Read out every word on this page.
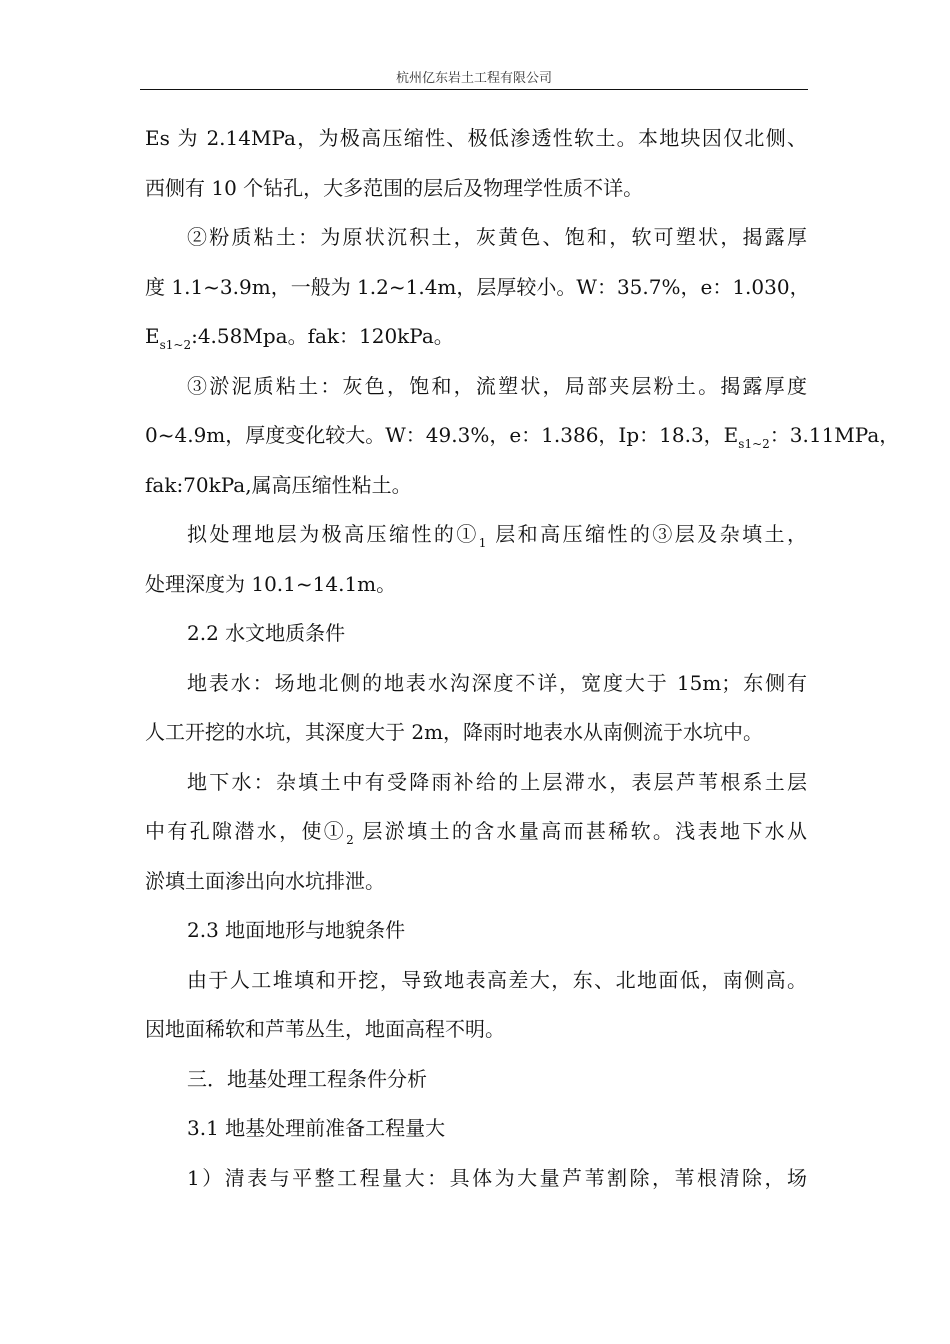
杭州亿东岩土工程有限公司
Es 为 2.14MPa，为极高压缩性、极低渗透性软土。本地块因仅北侧、
西侧有 10 个钻孔，大多范围的层后及物理学性质不详。
②粉质粘土：为原状沉积土，灰黄色、饱和，软可塑状，揭露厚
度 1.1~3.9m，一般为 1.2~1.4m，层厚较小。W：35.7%，e：1.030，
$E_{s1\sim 2}:4.58Mpa$。fak：120kPa。
③淤泥质粘土：灰色，饱和，流塑状，局部夹层粉土。揭露厚度
0~4.9m，厚度变化较大。W：49.3%，e：1.386，Ip：18.3，$E_{s1\sim 2}$：3.11MPa，
fak:70kPa,属高压缩性粘土。
拟处理地层为极高压缩性的$①_1$ 层和高压缩性的③层及杂填土，
处理深度为 10.1~14.1m。
2.2 水文地质条件
地表水：场地北侧的地表水沟深度不详，宽度大于 15m；东侧有
人工开挖的水坑，其深度大于 2m，降雨时地表水从南侧流于水坑中。
地下水：杂填土中有受降雨补给的上层滞水，表层芦苇根系土层
中有孔隙潜水，使$①_2$ 层淤填土的含水量高而甚稀软。浅表地下水从
淤填土面渗出向水坑排泄。
2.3 地面地形与地貌条件
由于人工堆填和开挖，导致地表高差大，东、北地面低，南侧高。
因地面稀软和芦苇丛生，地面高程不明。
三．地基处理工程条件分析
3.1 地基处理前准备工程量大
1）清表与平整工程量大：具体为大量芦苇割除，苇根清除，场
